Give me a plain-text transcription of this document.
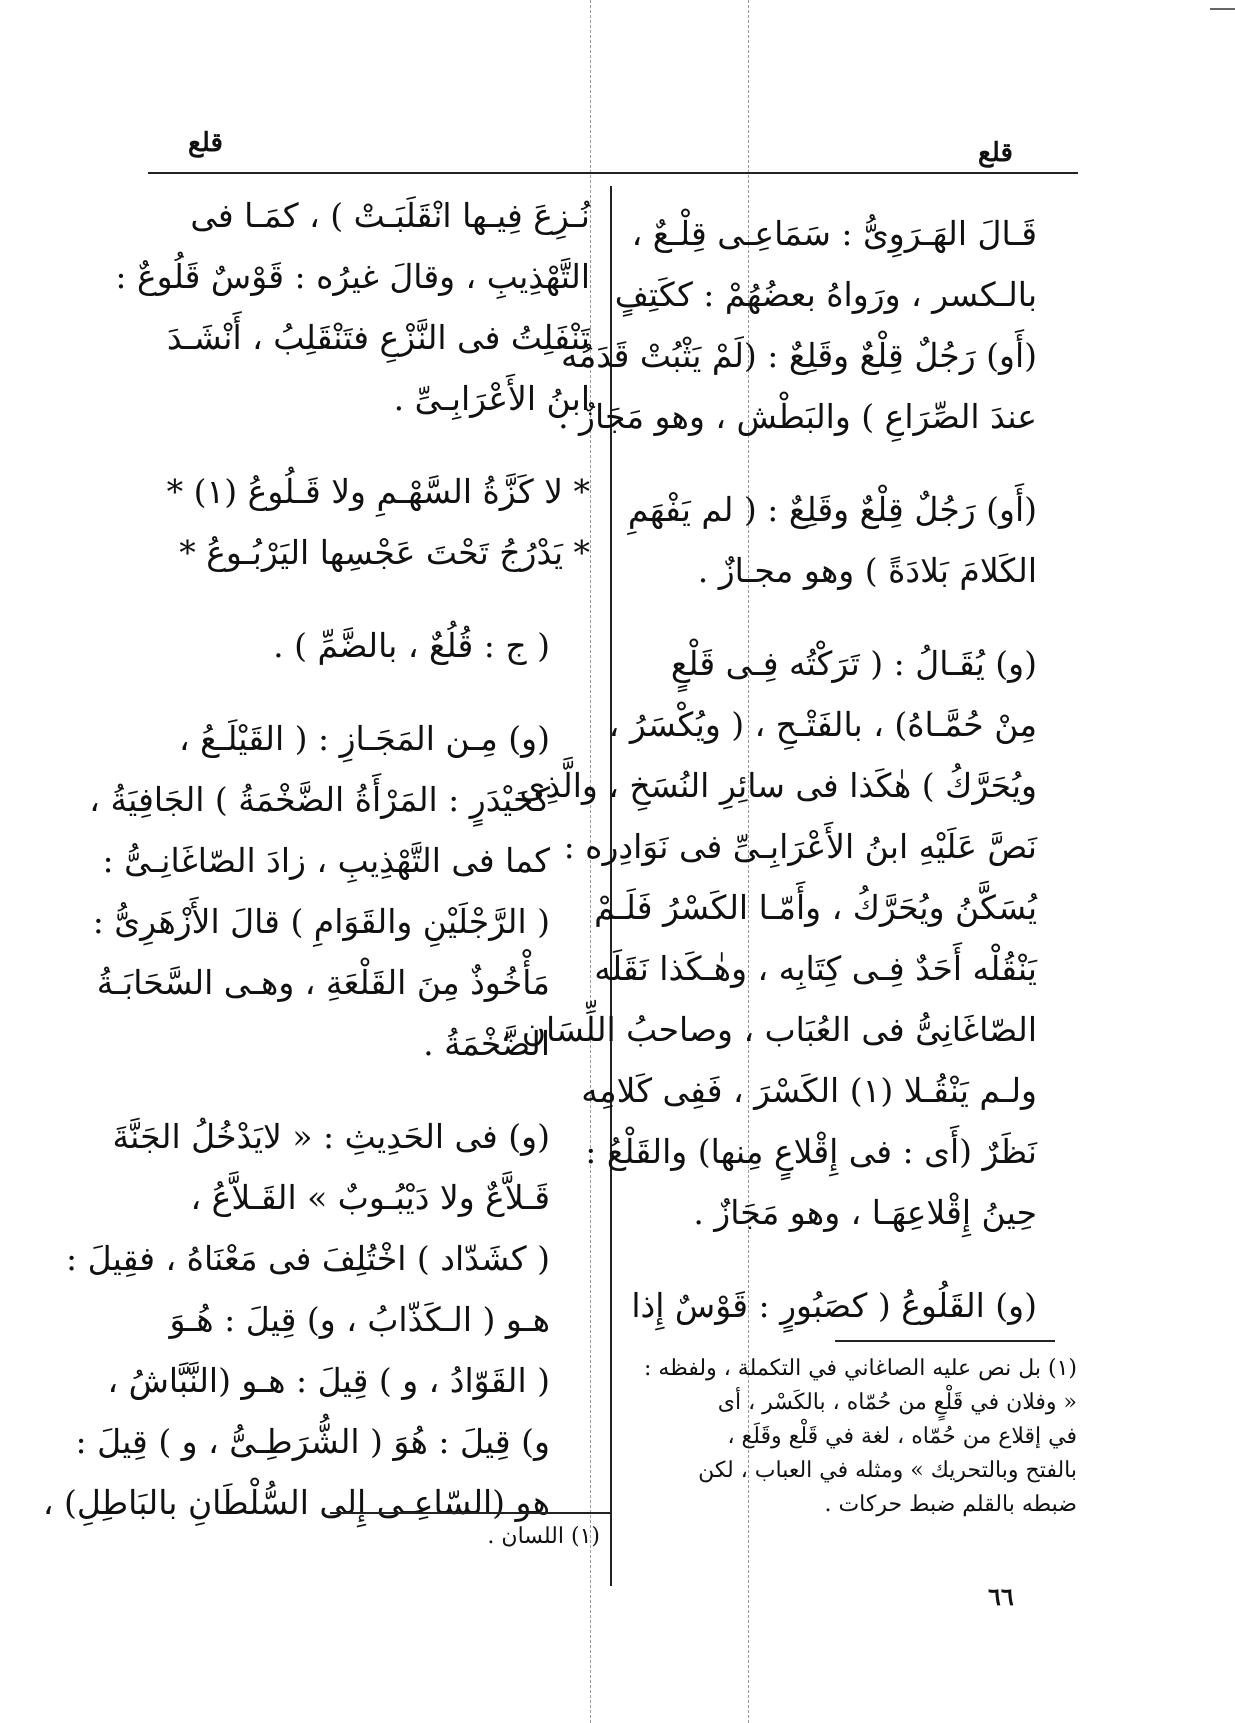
قلع
قلع

قَـالَ الهَـرَوِىُّ : سَمَاعِـى قِلْـعٌ ،
بالـكسر ، ورَواهُ بعضُهُمْ : ككَتِفٍ
(أَو) رَجُلٌ قِلْعٌ وقَلِعٌ : (لَمْ يَثْبُتْ قَدَمُه
عندَ الصِّرَاعِ ) والبَطْش ، وهو مَجَازٌ .

(أَو) رَجُلٌ قِلْعٌ وقَلِعٌ : ( لم يَفْهَمِ
الكَلامَ بَلادَةً ) وهو مجـازٌ .

(و) يُقَـالُ : ( تَرَكْتُه فِـى قَلْعٍ
مِنْ حُمَّـاهُ) ، بالفَتْـحِ ، ( ويُكْسَرُ ،
ويُحَرَّكُ ) هٰكَذا فى سائِرِ النُسَخِ ، والَّذِى
نَصَّ عَلَيْهِ ابنُ الأَعْرَابِـىِّ فى نَوَادِره :
يُسَكَّنُ ويُحَرَّكُ ، وأَمّـا الكَسْرُ فَلَـمْ
يَنْقُلْه أَحَدٌ فِـى كِتَابِه ، وهٰـكَذا نَقَلَه
الصّاغَانِىُّ فى العُبَاب ، وصاحبُ اللِّسَان ،
ولـم يَنْقُـلا (١) الكَسْرَ ، فَفِى كَلامِه
نَظَرٌ (أَى : فى إِقْلاعٍ مِنها) والقَلْعُ :
حِينُ إِقْلاعِهَـا ، وهو مَجَازٌ .

(و) القَلُوعُ ( كصَبُورٍ : قَوْسٌ إِذا

(١) بل نص عليه الصاغاني في التكملة ، ولفظه :
« وفلان في قَلْعٍ من حُمّاه ، بالكَسْر ، أى
في إقلاع من حُمّاه ، لغة في قَلْع وقَلَع ،
بالفتح وبالتحريك » ومثله في العباب ، لكن
ضبطه بالقلم ضبط حركات .

نُـزِعَ فِيـها انْقَلَبَـتْ ) ، كمَـا فى
التَّهْذِيبِ ، وقالَ غيرُه : قَوْسٌ قَلُوعٌ :
تَنْفَلِتُ فى النَّزْعِ فتَنْقَلِبُ ، أَنْشَـدَ
ابنُ الأَعْرَابِـىِّ .

* لا كَزَّةُ السَّهْـمِ ولا قَـلُوعُ (١) *
* يَدْرُجُ تَحْتَ عَجْسِها اليَرْبُـوعُ *

( ج : قُلُعٌ ، بالضَّمِّ ) .

(و) مِـن المَجَـازِ : ( القَيْلَـعُ ،
كحَيْدَرٍ : المَرْأَةُ الضَّخْمَةُ ) الجَافِيَةُ ،
كما فى التَّهْذِيبِ ، زادَ الصّاغَانِـىُّ :
( الرَّجْلَيْنِ والقَوَامِ ) قالَ الأَزْهَرِىُّ :
مَأْخُوذٌ مِنَ القَلْعَةِ ، وهـى السَّحَابَـةُ
الضَّخْمَةُ .

(و) فى الحَدِيثِ : « لايَدْخُلُ الجَنَّةَ
قَـلاَّعٌ ولا دَيْبُـوبٌ » القَـلاَّعُ ،
( كشَدّاد ) اخْتُلِفَ فى مَعْنَاهُ ، فقِيلَ :
هـو ( الـكَذّابُ ، و) قِيلَ : هُـوَ
( القَوّادُ ، و ) قِيلَ : هـو (النَّبَّاشُ ،
و) قِيلَ : هُوَ ( الشُّرَطِـىُّ ، و ) قِيلَ :
هو (السّاعِـى إِلى السُّلْطَانِ بالبَاطِلِ) ،

(١) اللسان .
٦٦
